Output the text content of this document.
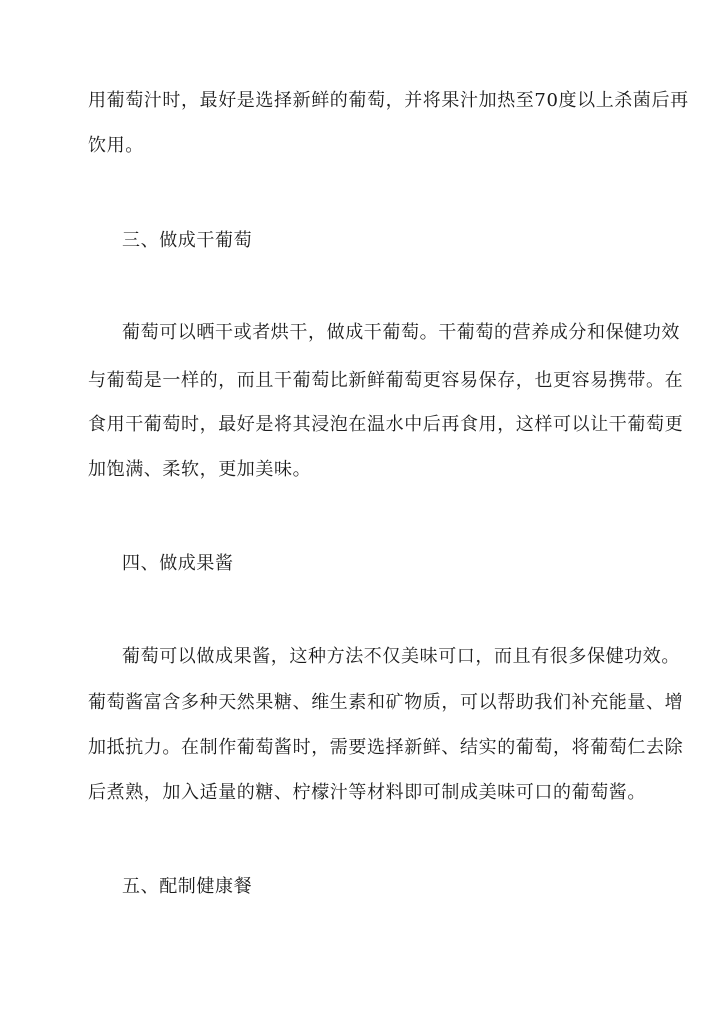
用葡萄汁时，最好是选择新鲜的葡萄，并将果汁加热至70度以上杀菌后再
饮用。
三、做成干葡萄
葡萄可以晒干或者烘干，做成干葡萄。干葡萄的营养成分和保健功效
与葡萄是一样的，而且干葡萄比新鲜葡萄更容易保存，也更容易携带。在
食用干葡萄时，最好是将其浸泡在温水中后再食用，这样可以让干葡萄更
加饱满、柔软，更加美味。
四、做成果酱
葡萄可以做成果酱，这种方法不仅美味可口，而且有很多保健功效。
葡萄酱富含多种天然果糖、维生素和矿物质，可以帮助我们补充能量、增
加抵抗力。在制作葡萄酱时，需要选择新鲜、结实的葡萄，将葡萄仁去除
后煮熟，加入适量的糖、柠檬汁等材料即可制成美味可口的葡萄酱。
五、配制健康餐
